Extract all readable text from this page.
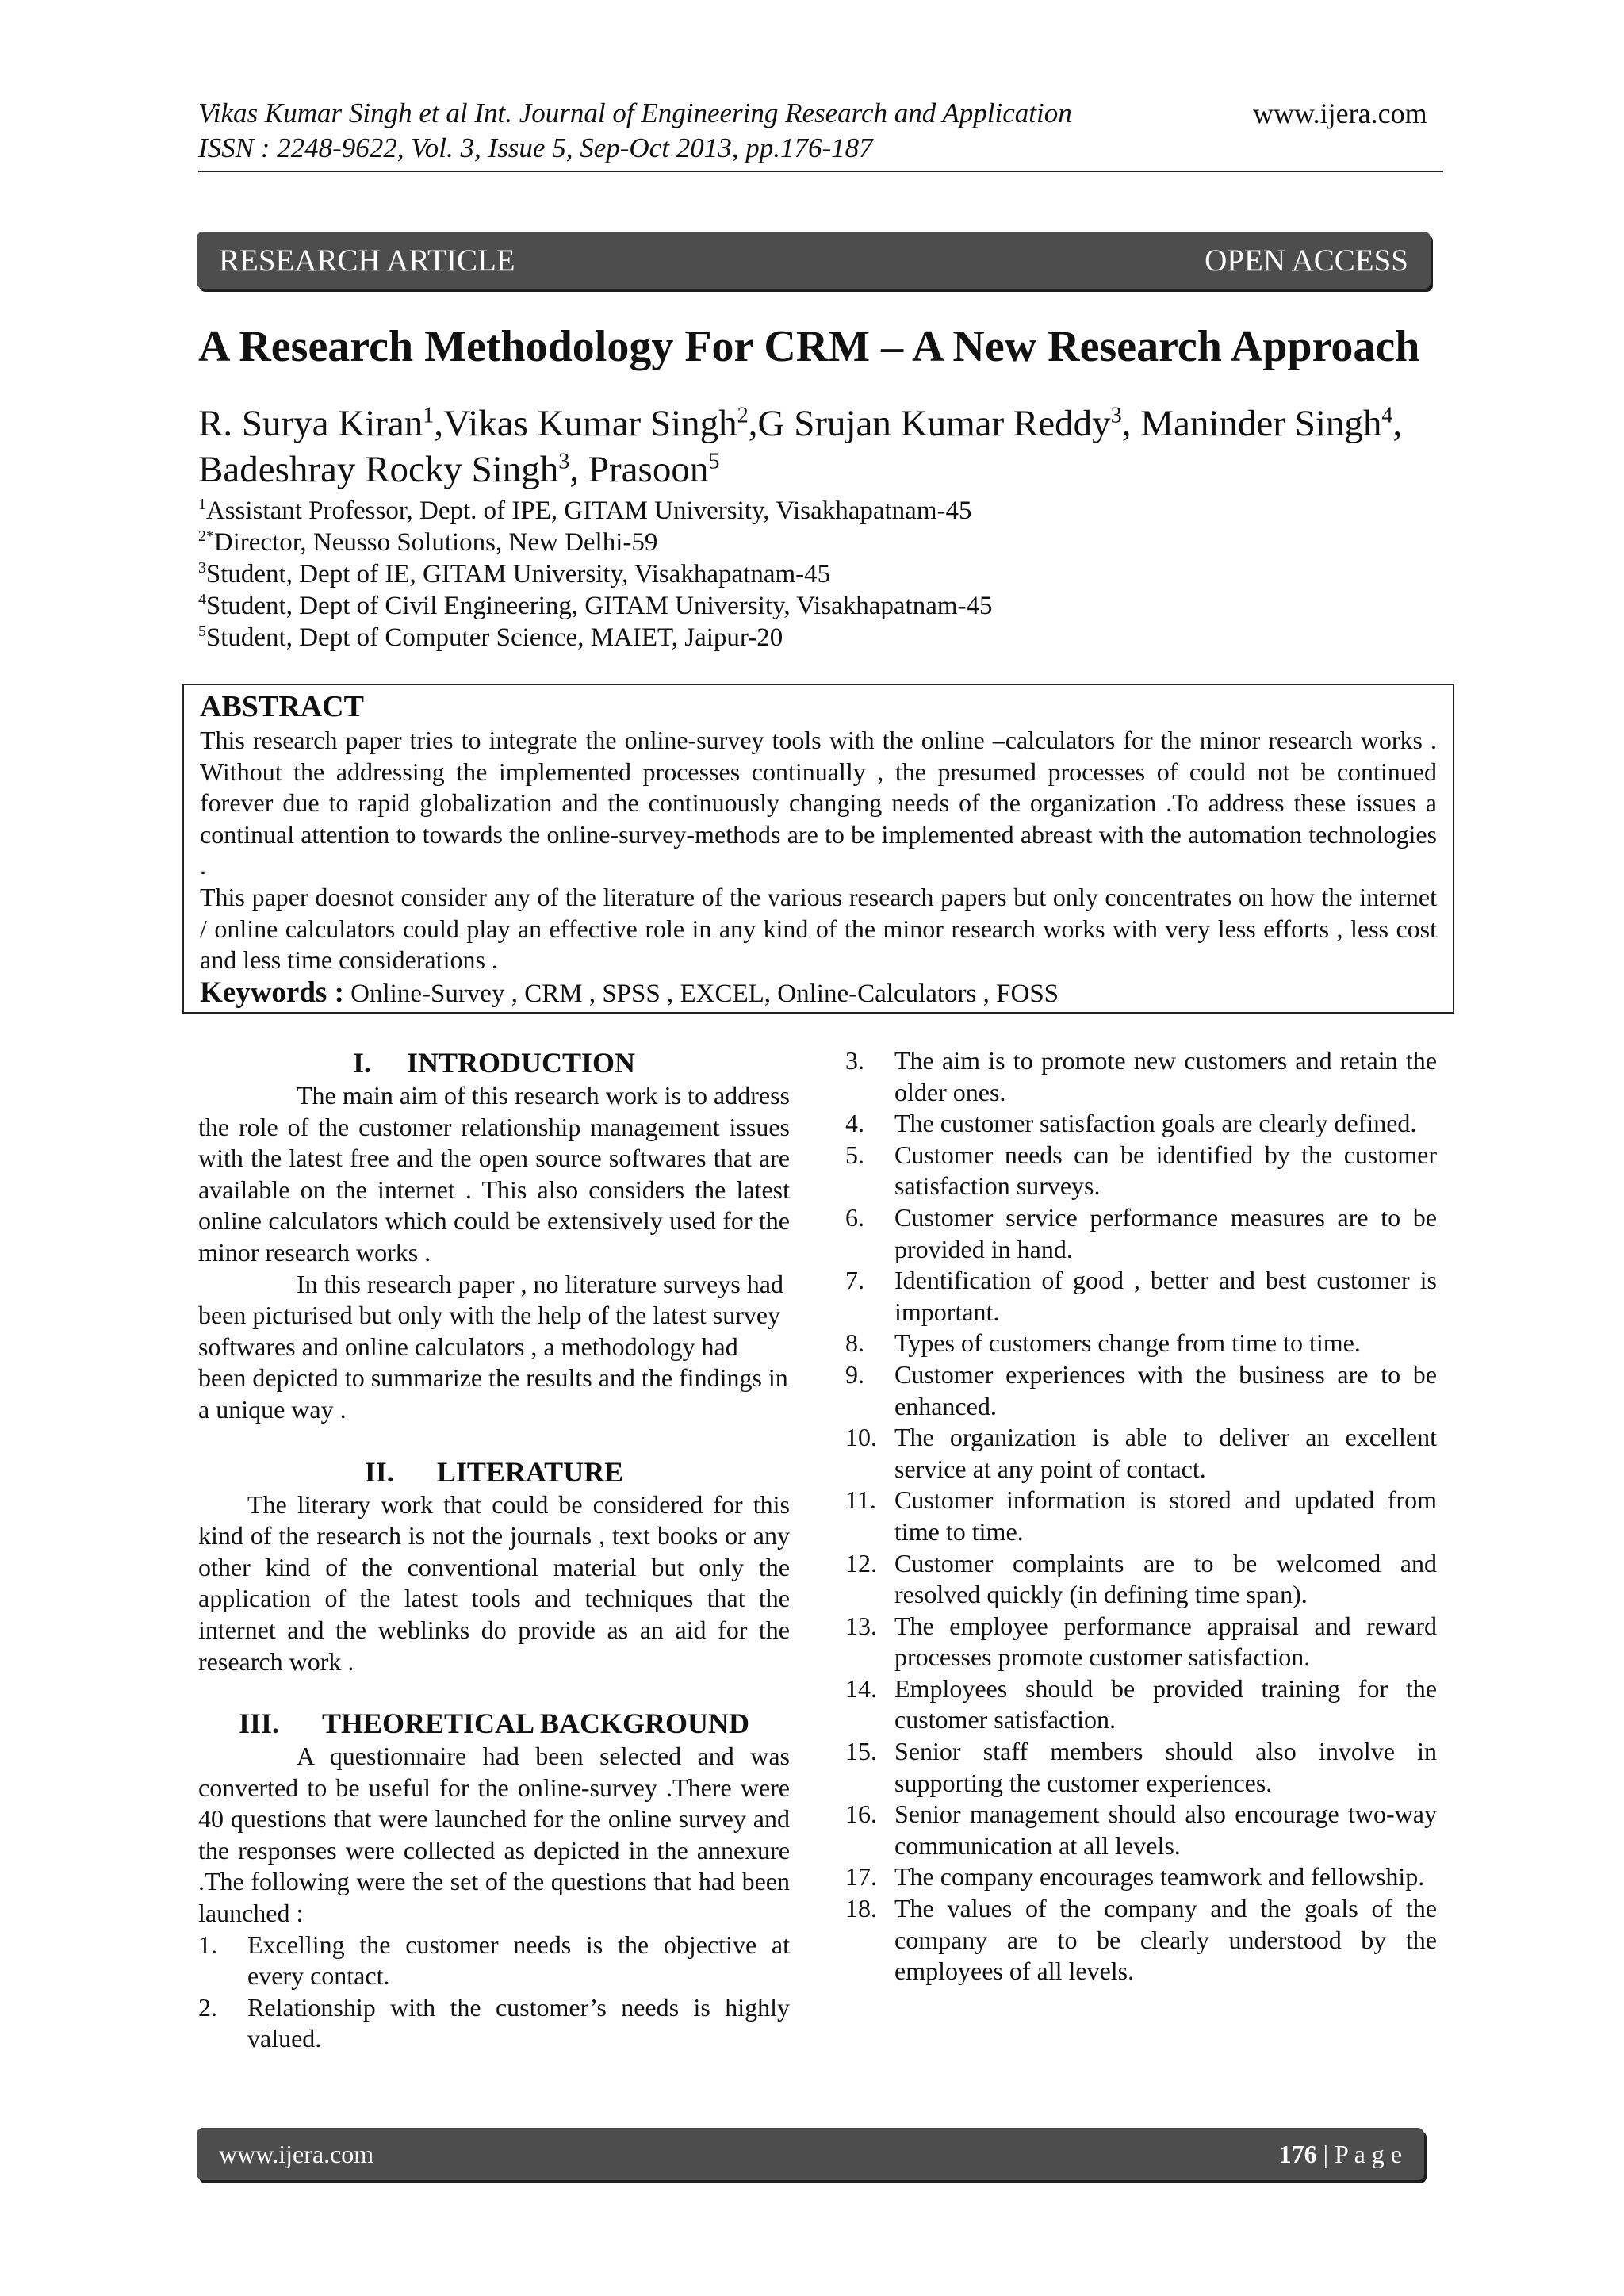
Vikas Kumar Singh et al Int. Journal of Engineering Research and Application
ISSN : 2248-9622, Vol. 3, Issue 5, Sep-Oct 2013, pp.176-187
www.ijera.com
RESEARCH ARTICLE	OPEN ACCESS
A Research Methodology For CRM – A New Research Approach
R. Surya Kiran$^1$,Vikas Kumar Singh$^2$,G Srujan Kumar Reddy$^3$, Maninder Singh$^4$, Badeshray Rocky Singh$^3$, Prasoon$^5$
$^1$Assistant Professor, Dept. of IPE, GITAM University, Visakhapatnam-45
$^{2*}$Director, Neusso Solutions, New Delhi-59
$^3$Student, Dept of IE, GITAM University, Visakhapatnam-45
$^4$Student, Dept of Civil Engineering, GITAM University, Visakhapatnam-45
$^5$Student, Dept of Computer Science, MAIET, Jaipur-20
ABSTRACT

This research paper tries to integrate the online-survey tools with the online –calculators for the minor research works . Without the addressing the implemented processes continually , the presumed processes of could not be continued forever due to rapid globalization and the continuously changing needs of the organization .To address these issues a continual attention to towards the online-survey-methods are to be implemented abreast with the automation technologies .

This paper doesnot consider any of the literature of the various research papers but only concentrates on how the internet / online calculators could play an effective role in any kind of the minor research works with very less efforts , less cost and less time considerations .

Keywords : Online-Survey , CRM , SPSS , EXCEL, Online-Calculators , FOSS

I. INTRODUCTION

The main aim of this research work is to address the role of the customer relationship management issues with the latest free and the open source softwares that are available on the internet . This also considers the latest online calculators which could be extensively used for the minor research works .

In this research paper , no literature surveys had been picturised but only with the help of the latest survey softwares and online calculators , a methodology had been depicted to summarize the results and the findings in a unique way .

II. LITERATURE

The literary work that could be considered for this kind of the research is not the journals , text books or any other kind of the conventional material but only the application of the latest tools and techniques that the internet and the weblinks do provide as an aid for the research work .

III. THEORETICAL BACKGROUND

A questionnaire had been selected and was converted to be useful for the online-survey .There were 40 questions that were launched for the online survey and the responses were collected as depicted in the annexure .The following were the set of the questions that had been launched :

1.	Excelling the customer needs is the objective at every contact.
2.	Relationship with the customer’s needs is highly valued.
3.	The aim is to promote new customers and retain the older ones.
4.	The customer satisfaction goals are clearly defined.
5.	Customer needs can be identified by the customer satisfaction surveys.
6.	Customer service performance measures are to be provided in hand.
7.	Identification of good , better and best customer is important.
8.	Types of customers change from time to time.
9.	Customer experiences with the business are to be enhanced.
10. The organization is able to deliver an excellent service at any point of contact.
11. Customer information is stored and updated from time to time.
12. Customer complaints are to be welcomed and resolved quickly (in defining time span).
13. The employee performance appraisal and reward processes promote customer satisfaction.
14. Employees should be provided training for the customer satisfaction.
15. Senior staff members should also involve in supporting the customer experiences.
16. Senior management should also encourage two-way communication at all levels.
17. The company encourages teamwork and fellowship.
18. The values of the company and the goals of the company are to be clearly understood by the employees of all levels.
www.ijera.com	176 | P a g e
